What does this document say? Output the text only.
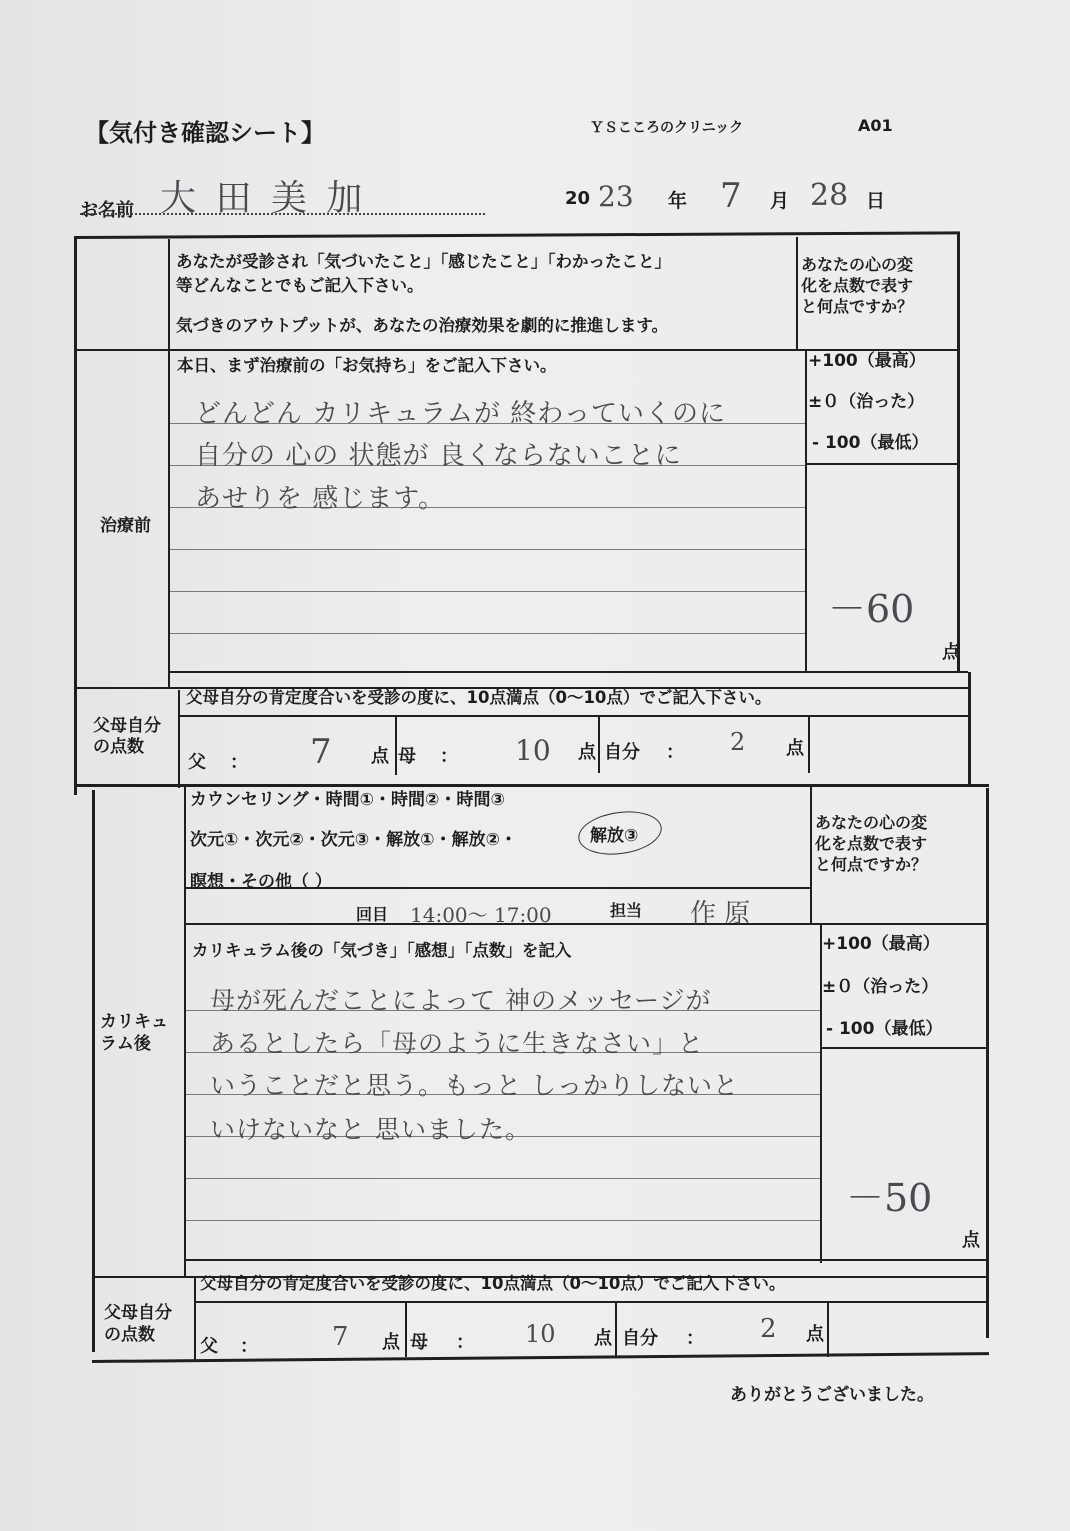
【気付き確認シート】	ＹＳこころのクリニック	A01
お名前 大 田 美 加	20 23 年 7 月 28 日
あなたが受診され「気づいたこと」「感じたこと」「わかったこと」
等どんなことでもご記入下さい。
気づきのアウトプットが、あなたの治療効果を劇的に推進します。
あなたの心の変
化を点数で表す
と何点ですか？
治療前
本日、まず治療前の「お気持ち」をご記入下さい。	+100（最高）
±０（治った）
- 100（最低）
どんどん カリキュラムが 終わっていくのに
自分の 心の 状態が 良くならないことに
あせりを 感じます。
－60
点
父母自分
の点数
父母自分の肯定度合いを受診の度に、10点満点（0～10点）でご記入下さい。
父 ： 7 点 母 ： 10 点 自分 ： 2 点
カリキュ
ラム後
カウンセリング・時間①・時間②・時間③
次元①・次元②・次元③・解放①・解放②・	解放③
瞑想・その他（ ）
回目 14:00～ 17:00	担当 作 原
あなたの心の変
化を点数で表す
と何点ですか？
カリキュラム後の「気づき」「感想」「点数」を記入	+100（最高）
±０（治った）
- 100（最低）
母が死んだことによって 神のメッセージが
あるとしたら「母のように生きなさい」と
いうことだと思う。もっと しっかりしないと
いけないなと 思いました。
－50
点
父母自分
の点数
父母自分の肯定度合いを受診の度に、10点満点（0～10点）でご記入下さい。
父 ：	7 点 母 ： 10 点 自分 ： 2 点
ありがとうございました。
